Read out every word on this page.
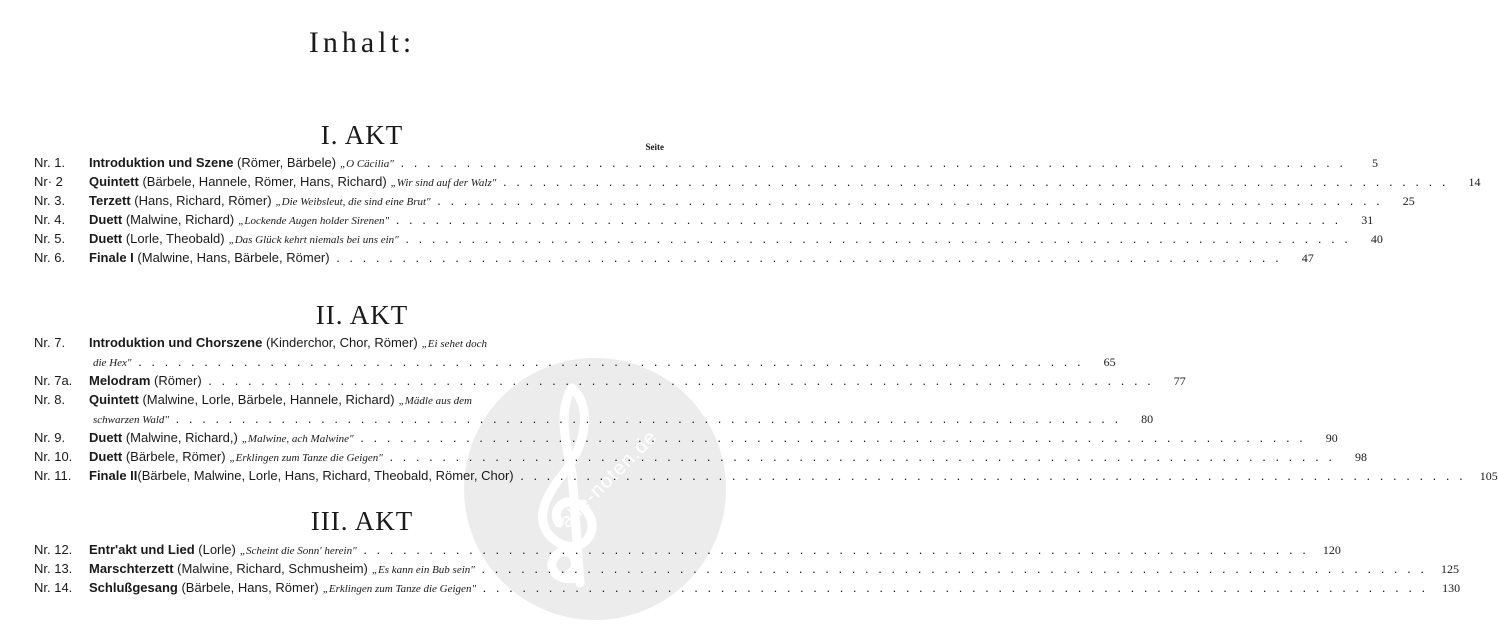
alle-noten.de
Inhalt:
I. AKT	Seite
Nr. 1.	Introduktion und Szene (Römer, Bärbele) „O Cäcilia" . . . . . . . . . . . . . . . . . . . . . . . . . . . . . . . . . . . . . . . . . . . . . . . . . . . . . . . . . . . . . . . . . . . . . . . .	5
Nr· 2	Quintett (Bärbele, Hannele, Römer, Hans, Richard) „Wir sind auf der Walz" . . . . . . . . . . . . . . . . . . . . . . . . . . . . . . . . . . . . . . . . . . . . . . . . . . . . . . . . . . . . . . . . . . . . . . . .	14
Nr. 3.	Terzett (Hans, Richard, Römer) „Die Weibsleut, die sind eine Brut" . . . . . . . . . . . . . . . . . . . . . . . . . . . . . . . . . . . . . . . . . . . . . . . . . . . . . . . . . . . . . . . . . . . . . . . .	25
Nr. 4.	Duett (Malwine, Richard) „Lockende Augen holder Sirenen" . . . . . . . . . . . . . . . . . . . . . . . . . . . . . . . . . . . . . . . . . . . . . . . . . . . . . . . . . . . . . . . . . . . . . . . .	31
Nr. 5.	Duett (Lorle, Theobald) „Das Glück kehrt niemals bei uns ein" . . . . . . . . . . . . . . . . . . . . . . . . . . . . . . . . . . . . . . . . . . . . . . . . . . . . . . . . . . . . . . . . . . . . . . . .	40
Nr. 6.	Finale I (Malwine, Hans, Bärbele, Römer) . . . . . . . . . . . . . . . . . . . . . . . . . . . . . . . . . . . . . . . . . . . . . . . . . . . . . . . . . . . . . . . . . . . . . . . .	47
II. AKT
Nr. 7.	Introduktion und Chorszene (Kinderchor, Chor, Römer) „Ei sehet doch
die Hex" . . . . . . . . . . . . . . . . . . . . . . . . . . . . . . . . . . . . . . . . . . . . . . . . . . . . . . . . . . . . . . . . . . . . . . . .	65
Nr. 7a.	Melodram (Römer) . . . . . . . . . . . . . . . . . . . . . . . . . . . . . . . . . . . . . . . . . . . . . . . . . . . . . . . . . . . . . . . . . . . . . . . .	77
Nr. 8.	Quintett (Malwine, Lorle, Bärbele, Hannele, Richard) „Mädle aus dem
schwarzen Wald" . . . . . . . . . . . . . . . . . . . . . . . . . . . . . . . . . . . . . . . . . . . . . . . . . . . . . . . . . . . . . . . . . . . . . . . .	80
Nr. 9.	Duett (Malwine, Richard,) „Malwine, ach Malwine" . . . . . . . . . . . . . . . . . . . . . . . . . . . . . . . . . . . . . . . . . . . . . . . . . . . . . . . . . . . . . . . . . . . . . . . .	90
Nr. 10.	Duett (Bärbele, Römer) „Erklingen zum Tanze die Geigen" . . . . . . . . . . . . . . . . . . . . . . . . . . . . . . . . . . . . . . . . . . . . . . . . . . . . . . . . . . . . . . . . . . . . . . . .	98
Nr. 11.	Finale II(Bärbele, Malwine, Lorle, Hans, Richard, Theobald, Römer, Chor) . . . . . . . . . . . . . . . . . . . . . . . . . . . . . . . . . . . . . . . . . . . . . . . . . . . . . . . . . . . . . . . . . . . . . . . .	105
III. AKT
Nr. 12.	Entr'akt und Lied (Lorle) „Scheint die Sonn' herein" . . . . . . . . . . . . . . . . . . . . . . . . . . . . . . . . . . . . . . . . . . . . . . . . . . . . . . . . . . . . . . . . . . . . . . . .	120
Nr. 13.	Marschterzett (Malwine, Richard, Schmusheim) „Es kann ein Bub sein" . . . . . . . . . . . . . . . . . . . . . . . . . . . . . . . . . . . . . . . . . . . . . . . . . . . . . . . . . . . . . . . . . . . . . . . .	125
Nr. 14.	Schlußgesang (Bärbele, Hans, Römer) „Erklingen zum Tanze die Geigen" . . . . . . . . . . . . . . . . . . . . . . . . . . . . . . . . . . . . . . . . . . . . . . . . . . . . . . . . . . . . . . . . . . . . . . . .	130
